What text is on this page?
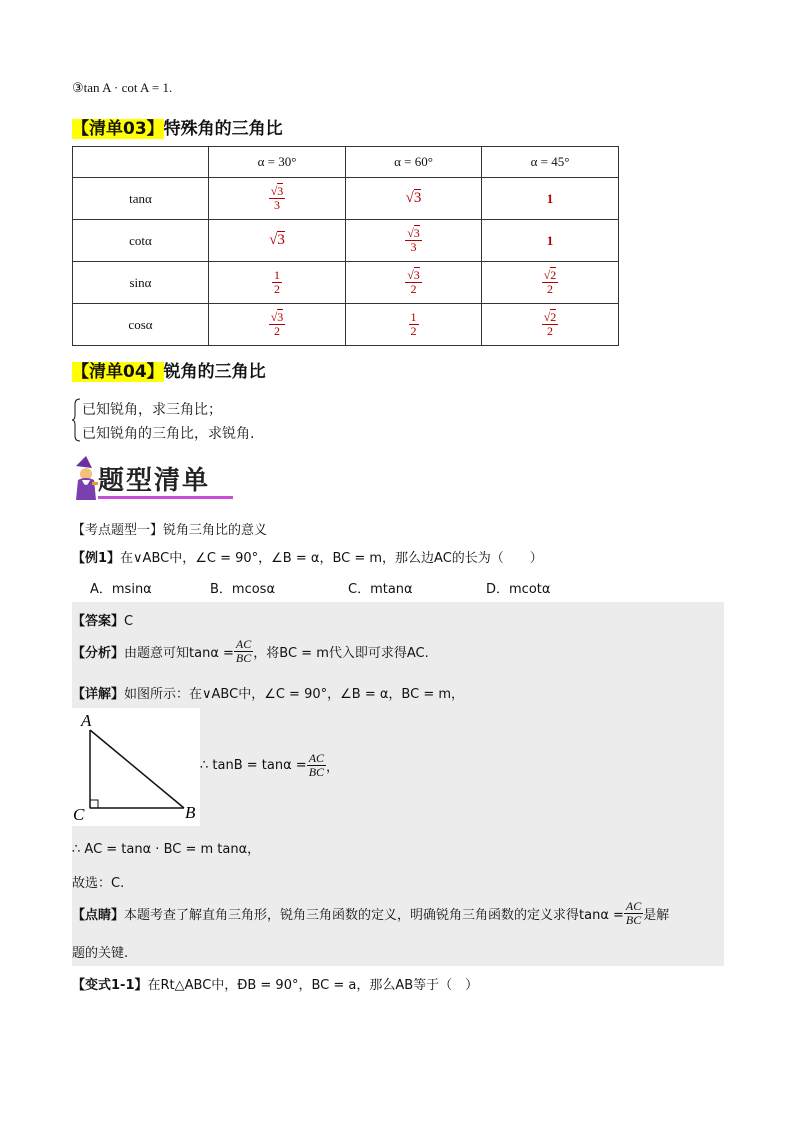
③tan A · cot A = 1.
【清单03】特殊角的三角比
	α = 30°	α = 60°	α = 45°
tanα	$\frac{√3}{3}$	√3	1
cotα	√3	$\frac{√3}{3}$	1
sinα	$\frac{1}{2}$	$\frac{√3}{2}$	$\frac{√2}{2}$

cosα	$\frac{√3}{2}$	$\frac{1}{2}$	$\frac{√2}{2}$
【清单04】锐角的三角比
已知锐角，求三角比；
已知锐角的三角比，求锐角.
题型清单
【考点题型一】锐角三角比的意义
【例1】在∨ABC中，∠C = 90°，∠B = α，BC = m，那么边AC的长为（　　）
A．msinα	B．mcosα	C．mtanα	D．mcotα
【答案】C
【分析】 由题意可知$\tan\alpha = \frac{AC}{BC}$ ，将BC = m代入即可求得AC.
【详解】如图所示：在∨ABC中，∠C = 90°，∠B = α，BC = m，
A
C	B
∴ $\tan B = \tan\alpha = \frac{AC}{BC}$ ，
∴ AC = tanα · BC = m tanα，
故选：C.
【点睛】 本题考查了解直角三角形，锐角三角函数的定义，明确锐角三角函数的定义求得$\tan\alpha = \frac{AC}{BC}$ 是解
题的关键.
【变式1-1】在Rt△ABC中，ÐB = 90°，BC = a，那么AB等于（　）
